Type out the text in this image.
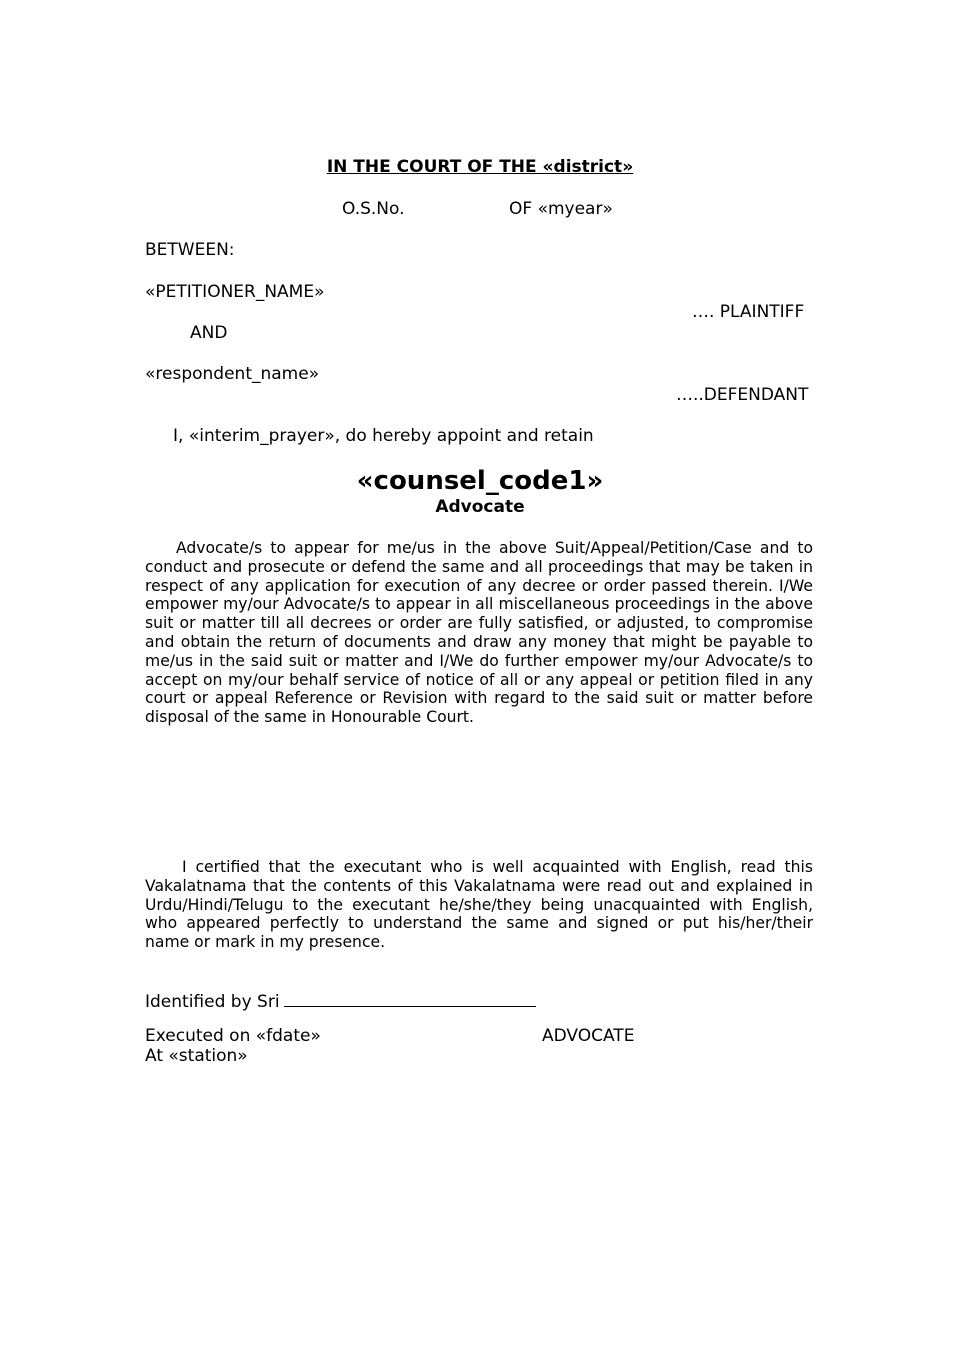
IN THE COURT OF THE «district»
O.S.No.	OF «myear»
BETWEEN:
«PETITIONER_NAME»
…. PLAINTIFF
AND
«respondent_name»
…..DEFENDANT
I, «interim_prayer», do hereby appoint and retain
«counsel_code1»
Advocate
Advocate/s to appear for me/us in the above Suit/Appeal/Petition/Case and to conduct and prosecute or defend the same and all proceedings that may be taken in respect of any application for execution of any decree or order passed therein. I/We empower my/our Advocate/s to appear in all miscellaneous proceedings in the above suit or matter till all decrees or order are fully satisfied, or adjusted, to compromise and obtain the return of documents and draw any money that might be payable to me/us in the said suit or matter and I/We do further empower my/our Advocate/s to accept on my/our behalf service of notice of all or any appeal or petition filed in any court or appeal Reference or Revision with regard to the said suit or matter before disposal of the same in Honourable Court.
I certified that the executant who is well acquainted with English, read this Vakalatnama that the contents of this Vakalatnama were read out and explained in Urdu/Hindi/Telugu to the executant he/she/they being unacquainted with English, who appeared perfectly to understand the same and signed or put his/her/their name or mark in my presence.
Identified by Sri
Executed on «fdate»	ADVOCATE
At «station»
